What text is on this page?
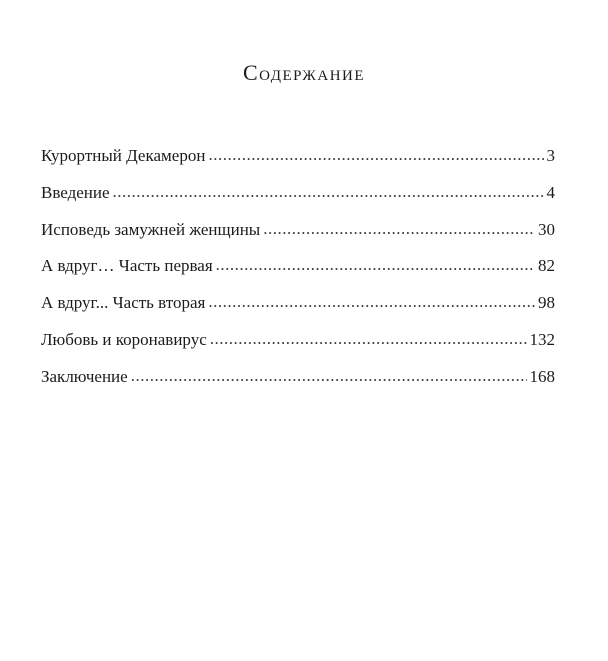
Содержание
Курортный Декамерон .....	3
Введение .....	4
Исповедь замужней женщины .....	30
А вдруг… Часть первая .....	82
А вдруг... Часть вторая .....	98
Любовь и коронавирус .....	132
Заключение .....	168
